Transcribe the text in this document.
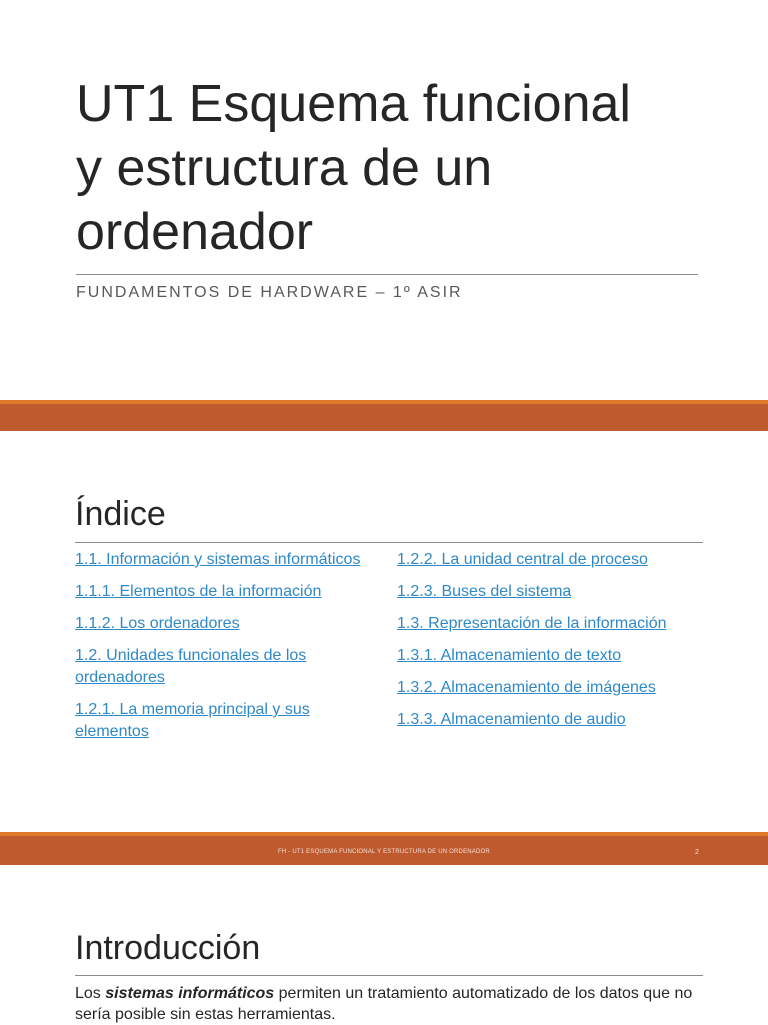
UT1 Esquema funcional
y estructura de un
ordenador
FUNDAMENTOS DE HARDWARE – 1º ASIR
Índice
1.1. Información y sistemas informáticos
1.1.1. Elementos de la información
1.1.2. Los ordenadores
1.2. Unidades funcionales de los ordenadores
1.2.1. La memoria principal y sus elementos
1.2.2. La unidad central de proceso
1.2.3. Buses del sistema
1.3. Representación de la información
1.3.1. Almacenamiento de texto
1.3.2. Almacenamiento de imágenes
1.3.3. Almacenamiento de audio
FH - UT1 ESQUEMA FUNCIONAL Y ESTRUCTURA DE UN ORDENADOR	2
Introducción
Los sistemas informáticos permiten un tratamiento automatizado de los datos que no sería posible sin estas herramientas.
